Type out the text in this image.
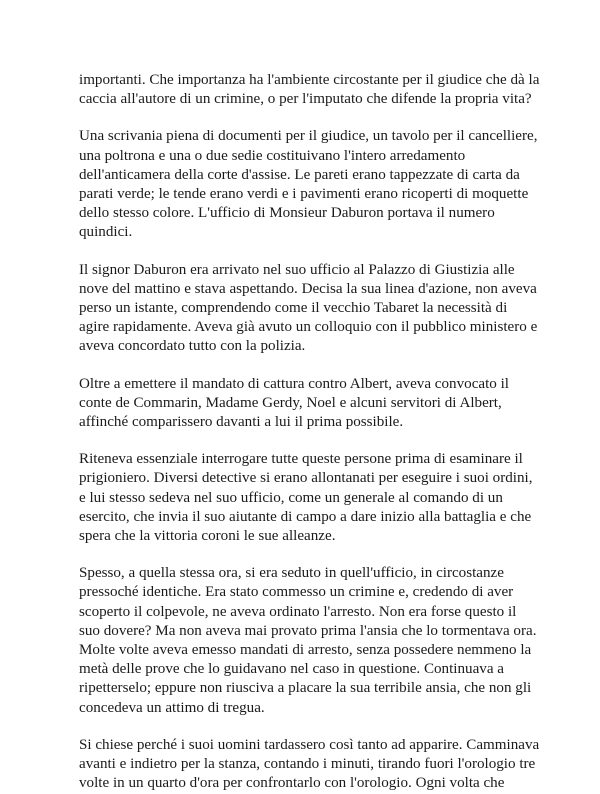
importanti. Che importanza ha l'ambiente circostante per il giudice che dà la caccia all'autore di un crimine, o per l'imputato che difende la propria vita?

Una scrivania piena di documenti per il giudice, un tavolo per il cancelliere, una poltrona e una o due sedie costituivano l'intero arredamento dell'anticamera della corte d'assise. Le pareti erano tappezzate di carta da parati verde; le tende erano verdi e i pavimenti erano ricoperti di moquette dello stesso colore. L'ufficio di Monsieur Daburon portava il numero quindici.

Il signor Daburon era arrivato nel suo ufficio al Palazzo di Giustizia alle nove del mattino e stava aspettando. Decisa la sua linea d'azione, non aveva perso un istante, comprendendo come il vecchio Tabaret la necessità di agire rapidamente. Aveva già avuto un colloquio con il pubblico ministero e aveva concordato tutto con la polizia.

Oltre a emettere il mandato di cattura contro Albert, aveva convocato il conte de Commarin, Madame Gerdy, Noel e alcuni servitori di Albert, affinché comparissero davanti a lui il prima possibile.

Riteneva essenziale interrogare tutte queste persone prima di esaminare il prigioniero. Diversi detective si erano allontanati per eseguire i suoi ordini, e lui stesso sedeva nel suo ufficio, come un generale al comando di un esercito, che invia il suo aiutante di campo a dare inizio alla battaglia e che spera che la vittoria coroni le sue alleanze.

Spesso, a quella stessa ora, si era seduto in quell'ufficio, in circostanze pressoché identiche. Era stato commesso un crimine e, credendo di aver scoperto il colpevole, ne aveva ordinato l'arresto. Non era forse questo il suo dovere? Ma non aveva mai provato prima l'ansia che lo tormentava ora. Molte volte aveva emesso mandati di arresto, senza possedere nemmeno la metà delle prove che lo guidavano nel caso in questione. Continuava a ripetterselo; eppure non riusciva a placare la sua terribile ansia, che non gli concedeva un attimo di tregua.

Si chiese perché i suoi uomini tardassero così tanto ad apparire. Camminava avanti e indietro per la stanza, contando i minuti, tirando fuori l'orologio tre volte in un quarto d'ora per confrontarlo con l'orologio. Ogni volta che
